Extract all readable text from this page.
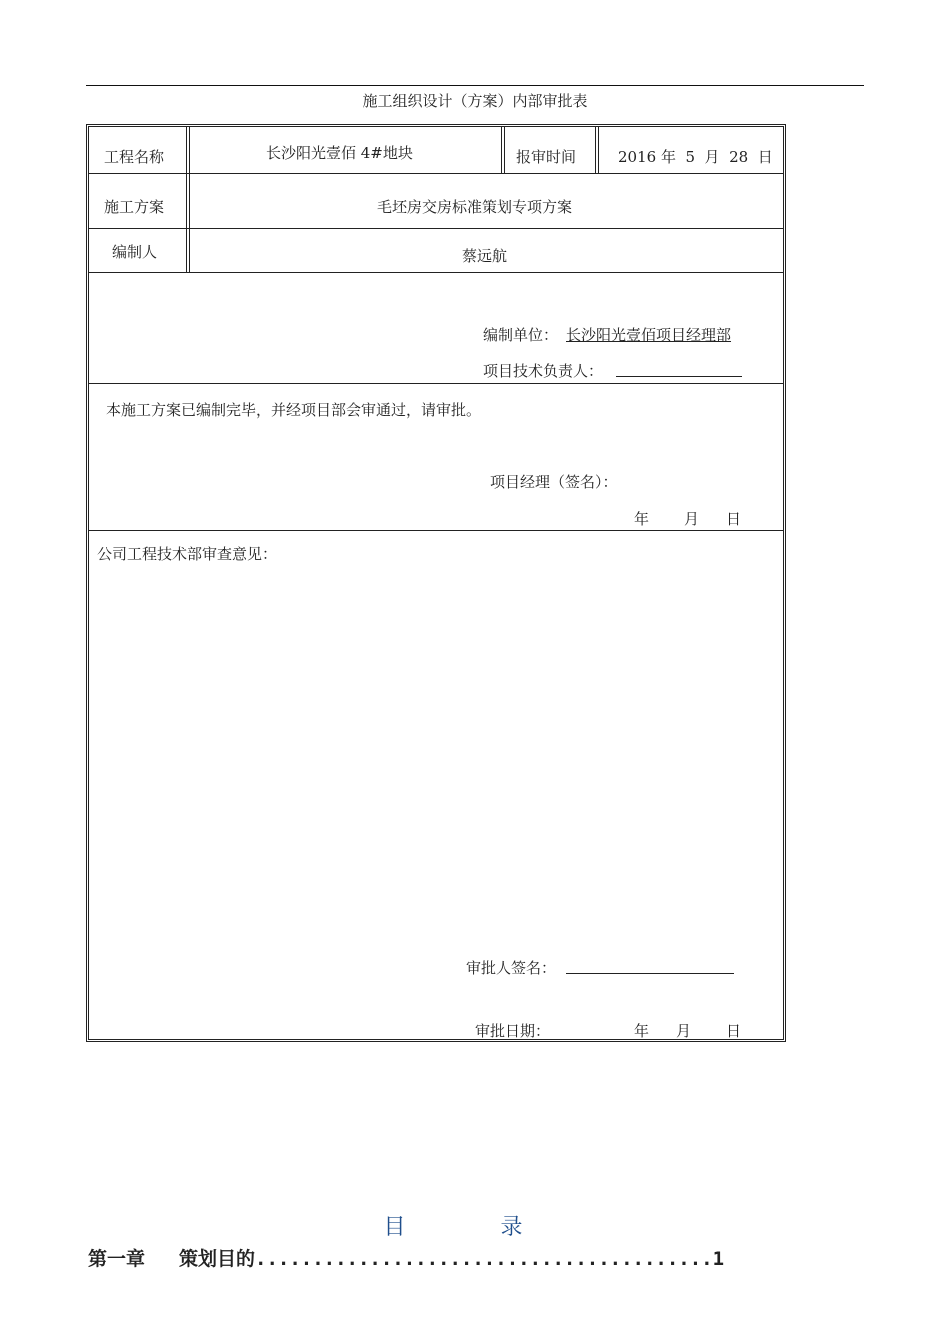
施工组织设计（方案）内部审批表
工程名称	长沙阳光壹佰 4#地块	报审时间	2016 年  5  月  28  日
施工方案	毛坯房交房标准策划专项方案
编制人	蔡远航
编制单位： 长沙阳光壹佰项目经理部
项目技术负责人：
本施工方案已编制完毕，并经项目部会审通过，请审批。
项目经理（签名）：
年 月 日
公司工程技术部审查意见：
审批人签名：
审批日期：	年 月 日
目 录
第一章 策划目的........................................1
